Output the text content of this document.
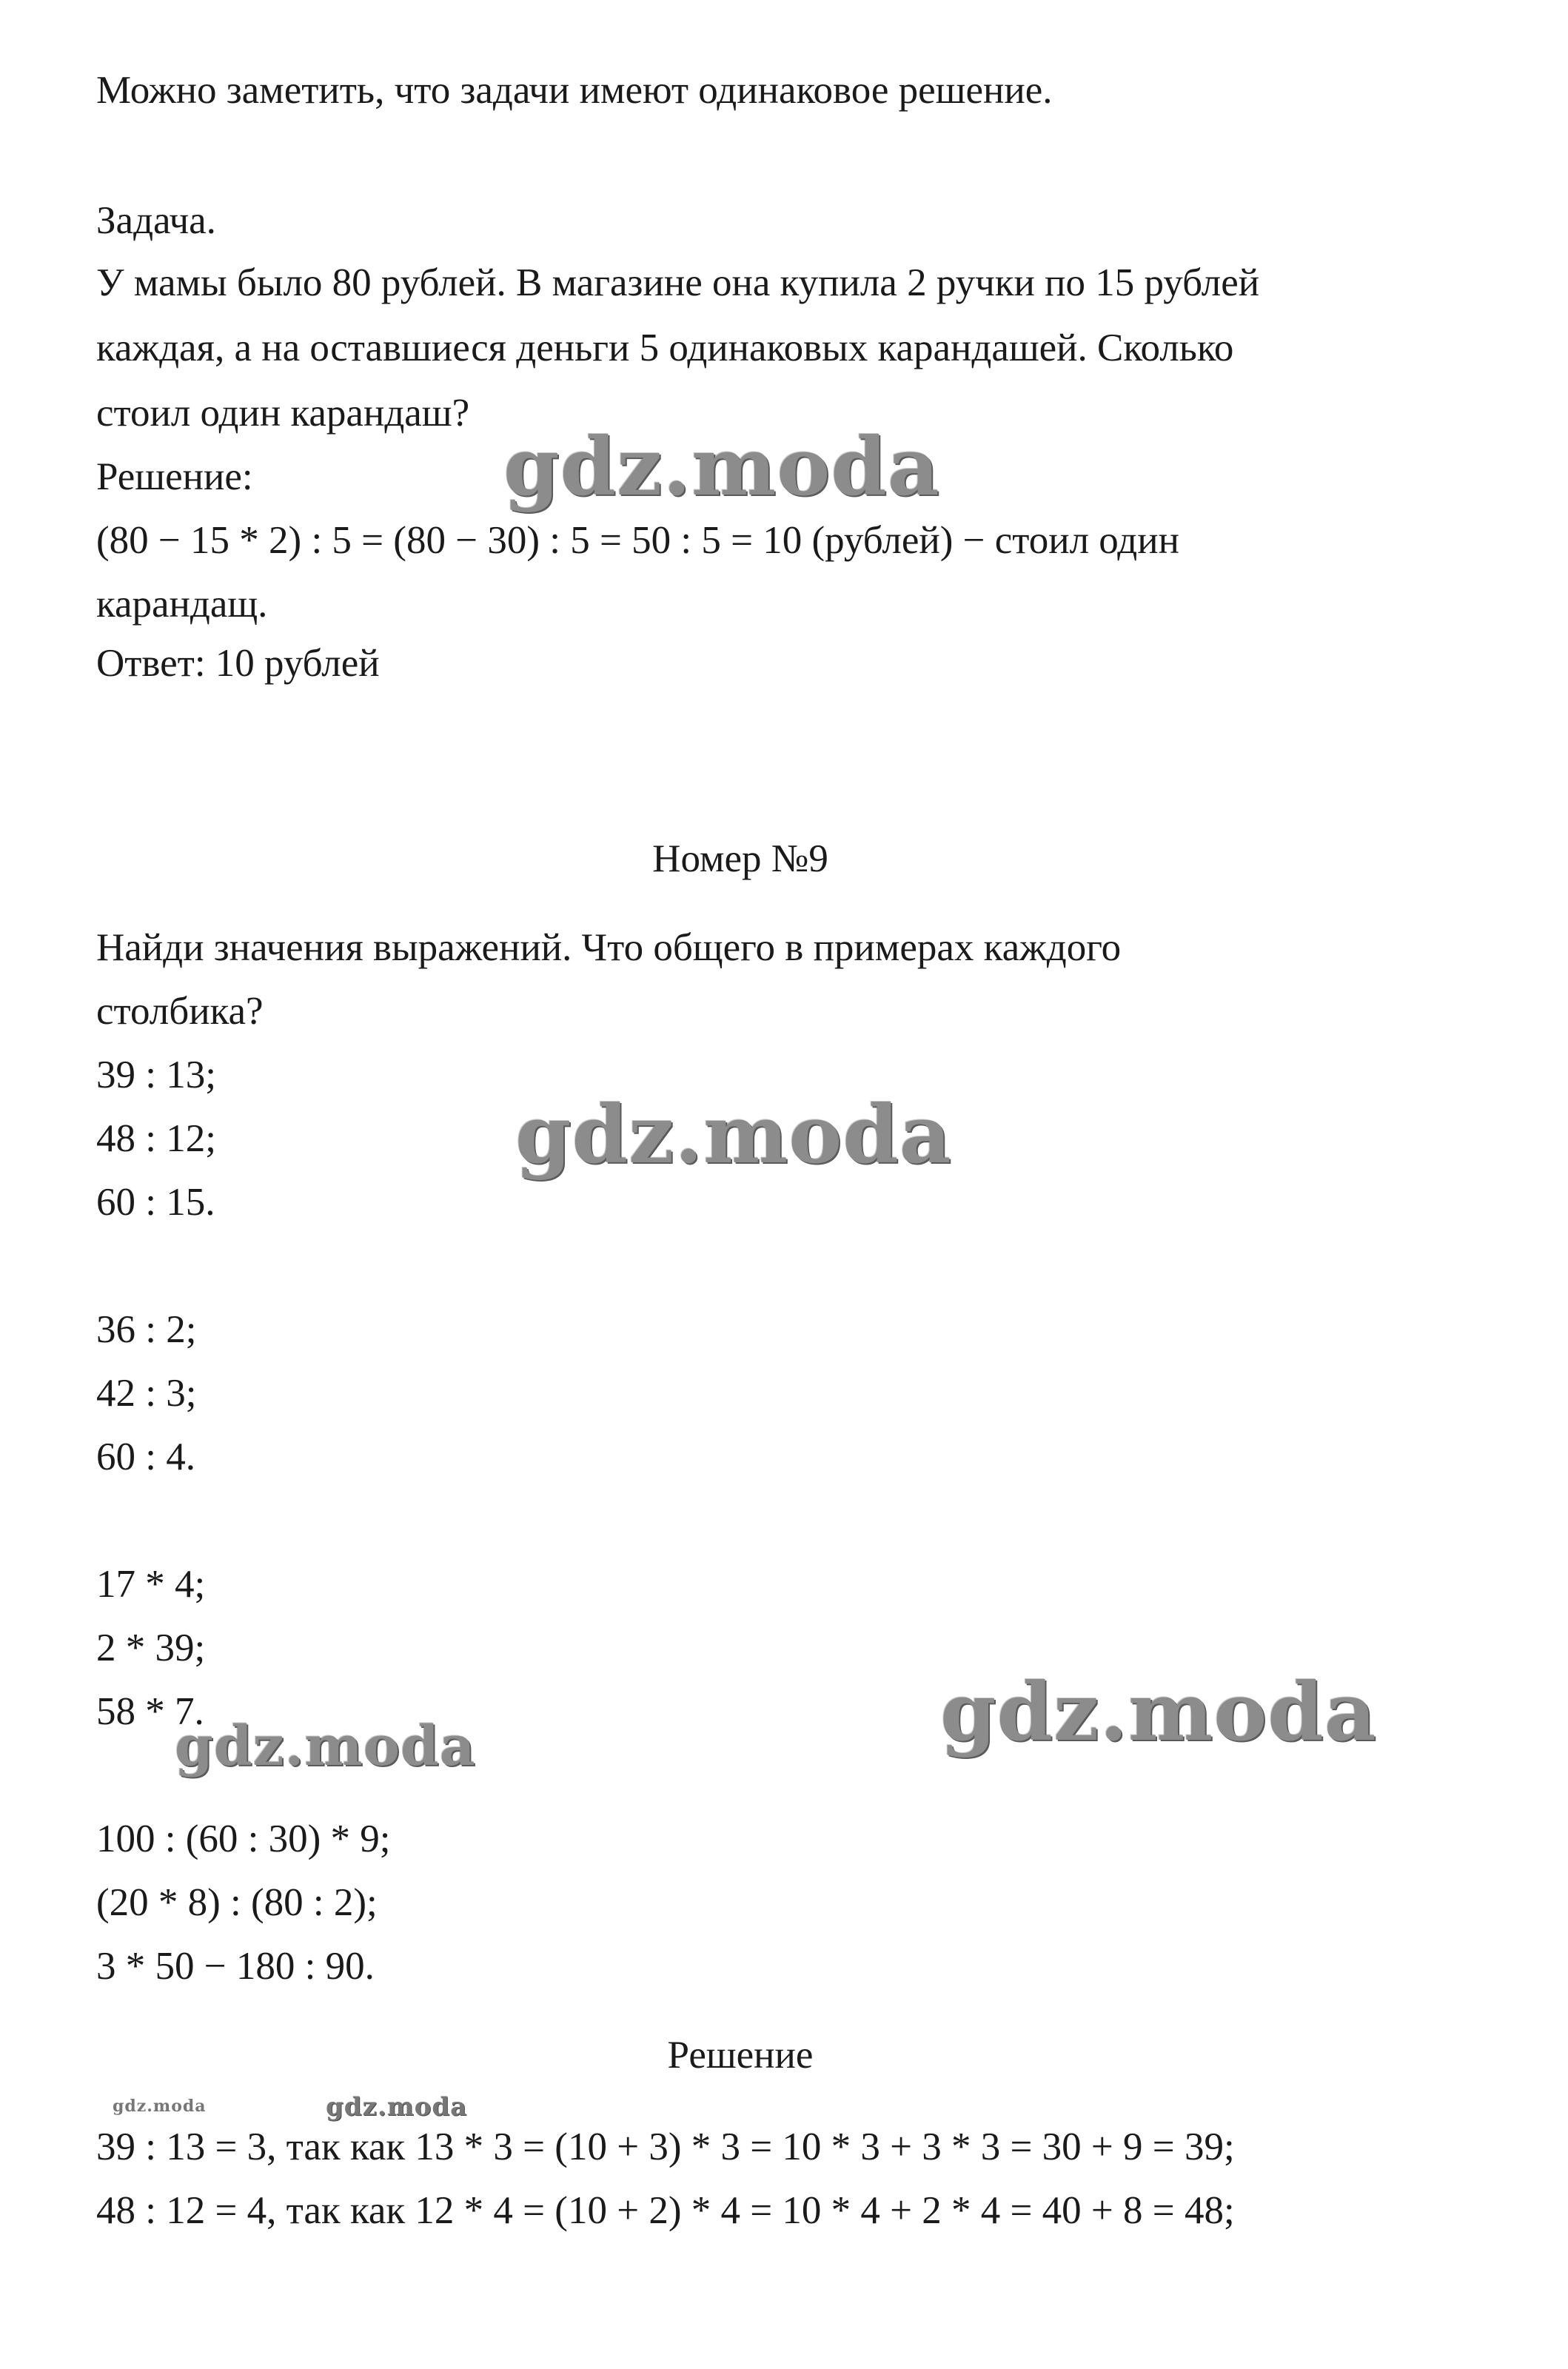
Можно заметить, что задачи имеют одинаковое решение.
Задача.
У мамы было 80 рублей. В магазине она купила 2 ручки по 15 рублей
каждая, а на оставшиеся деньги 5 одинаковых карандашей. Сколько
стоил один карандаш?
Решение:
(80 − 15 * 2) : 5 = (80 − 30) : 5 = 50 : 5 = 10 (рублей) − стоил один
карандащ.
Ответ: 10 рублей
Номер №9
Найди значения выражений. Что общего в примерах каждого
столбика?
39 : 13;
48 : 12;
60 : 15.
36 : 2;
42 : 3;
60 : 4.
17 * 4;
2 * 39;
58 * 7.
100 : (60 : 30) * 9;
(20 * 8) : (80 : 2);
3 * 50 − 180 : 90.
Решение
39 : 13 = 3, так как 13 * 3 = (10 + 3) * 3 = 10 * 3 + 3 * 3 = 30 + 9 = 39;
48 : 12 = 4, так как 12 * 4 = (10 + 2) * 4 = 10 * 4 + 2 * 4 = 40 + 8 = 48;
gdz.moda
gdz.moda
gdz.moda
gdz.moda
gdz.moda
gdz.moda
